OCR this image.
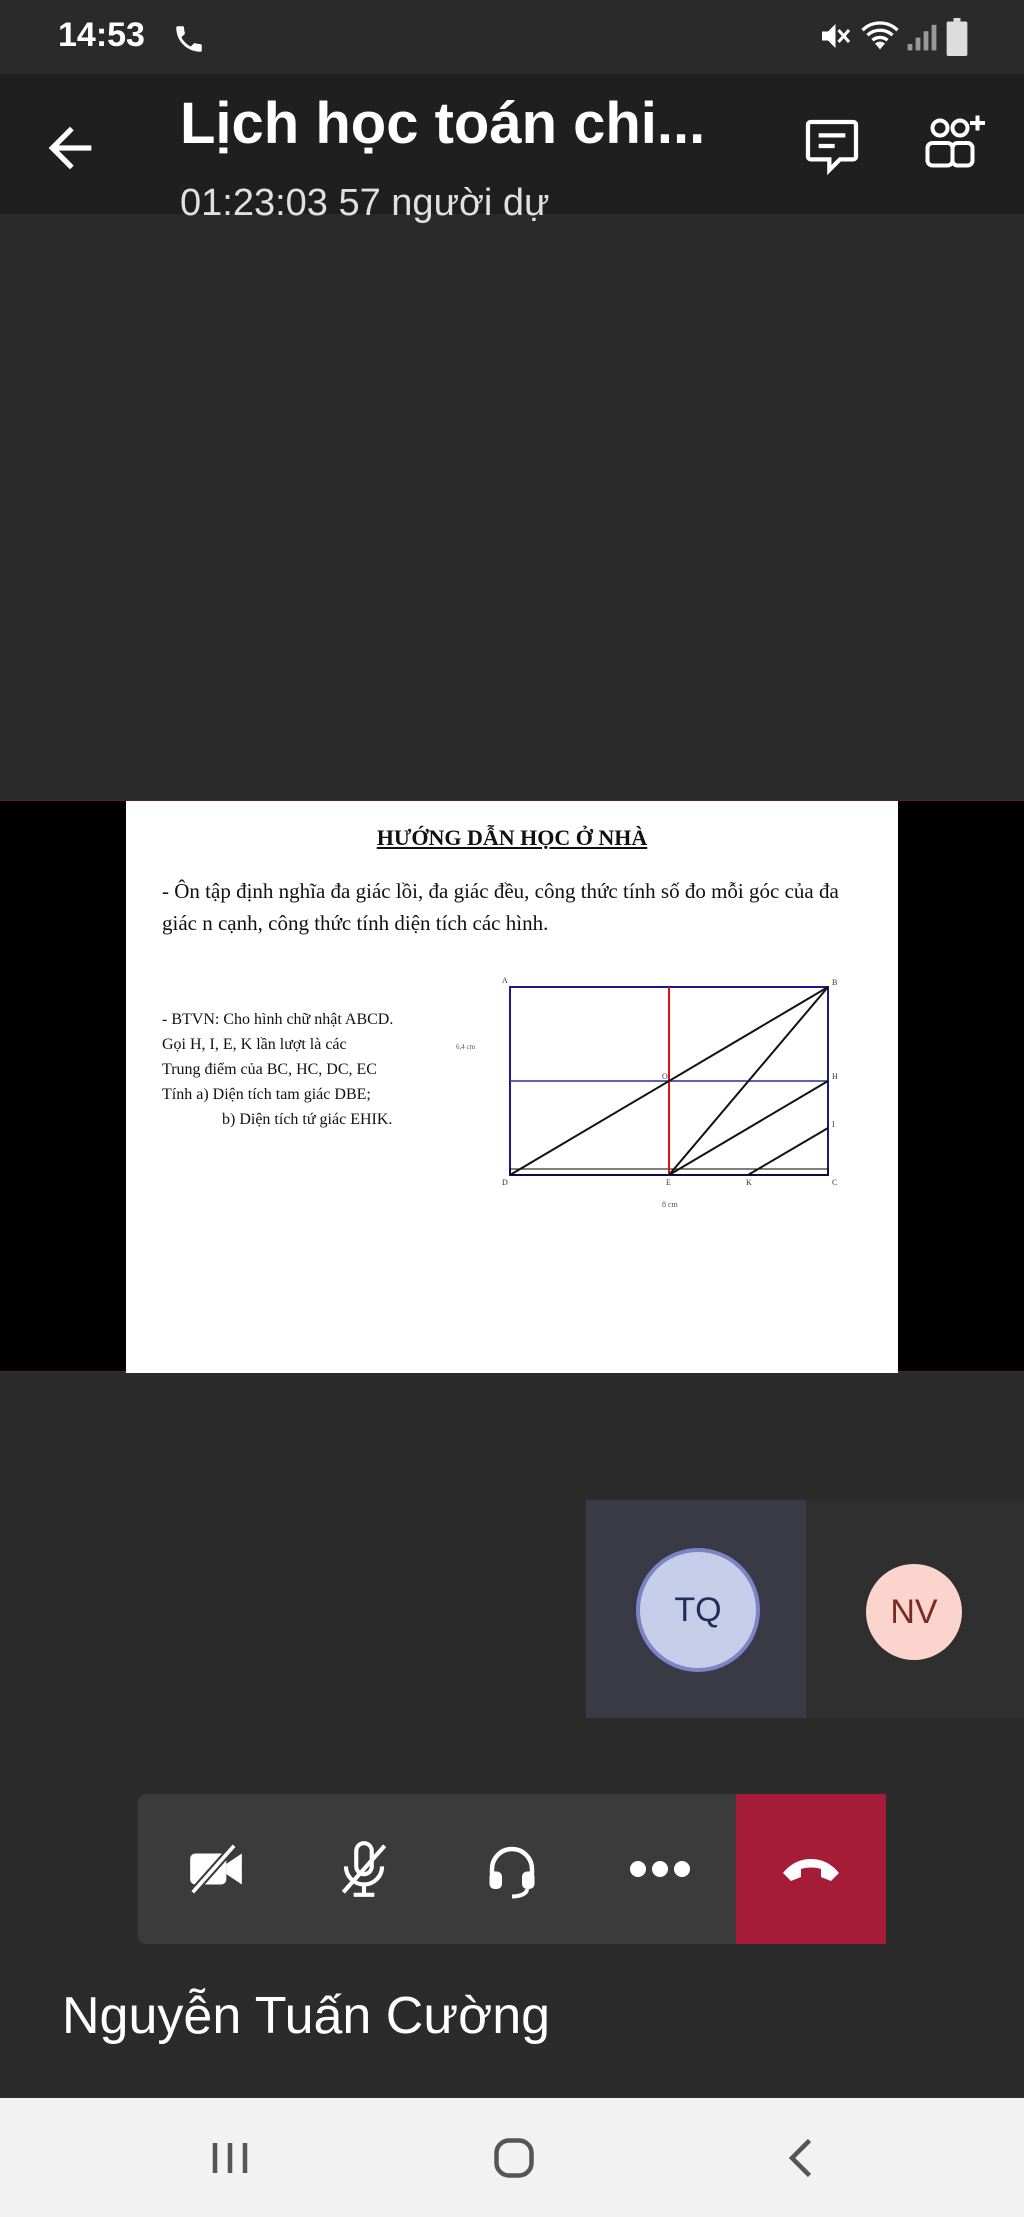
14:53
Lịch học toán chi...
01:23:03 57 người dự
HƯỚNG DẪN HỌC Ở NHÀ
- Ôn tập định nghĩa đa giác lồi, đa giác đều, công thức tính số đo mỗi góc của đa giác n cạnh, công thức tính diện tích các hình.
- BTVN: Cho hình chữ nhật ABCD.
Gọi H, I, E, K lần lượt là các
Trung điểm của BC, HC, DC, EC
Tính a) Diện tích tam giác DBE;
b) Diện tích tứ giác EHIK.
A	B
C
D	E
H
I
K
O
8 cm
6,4 cm
TQ	NV
Nguyễn Tuấn Cường
